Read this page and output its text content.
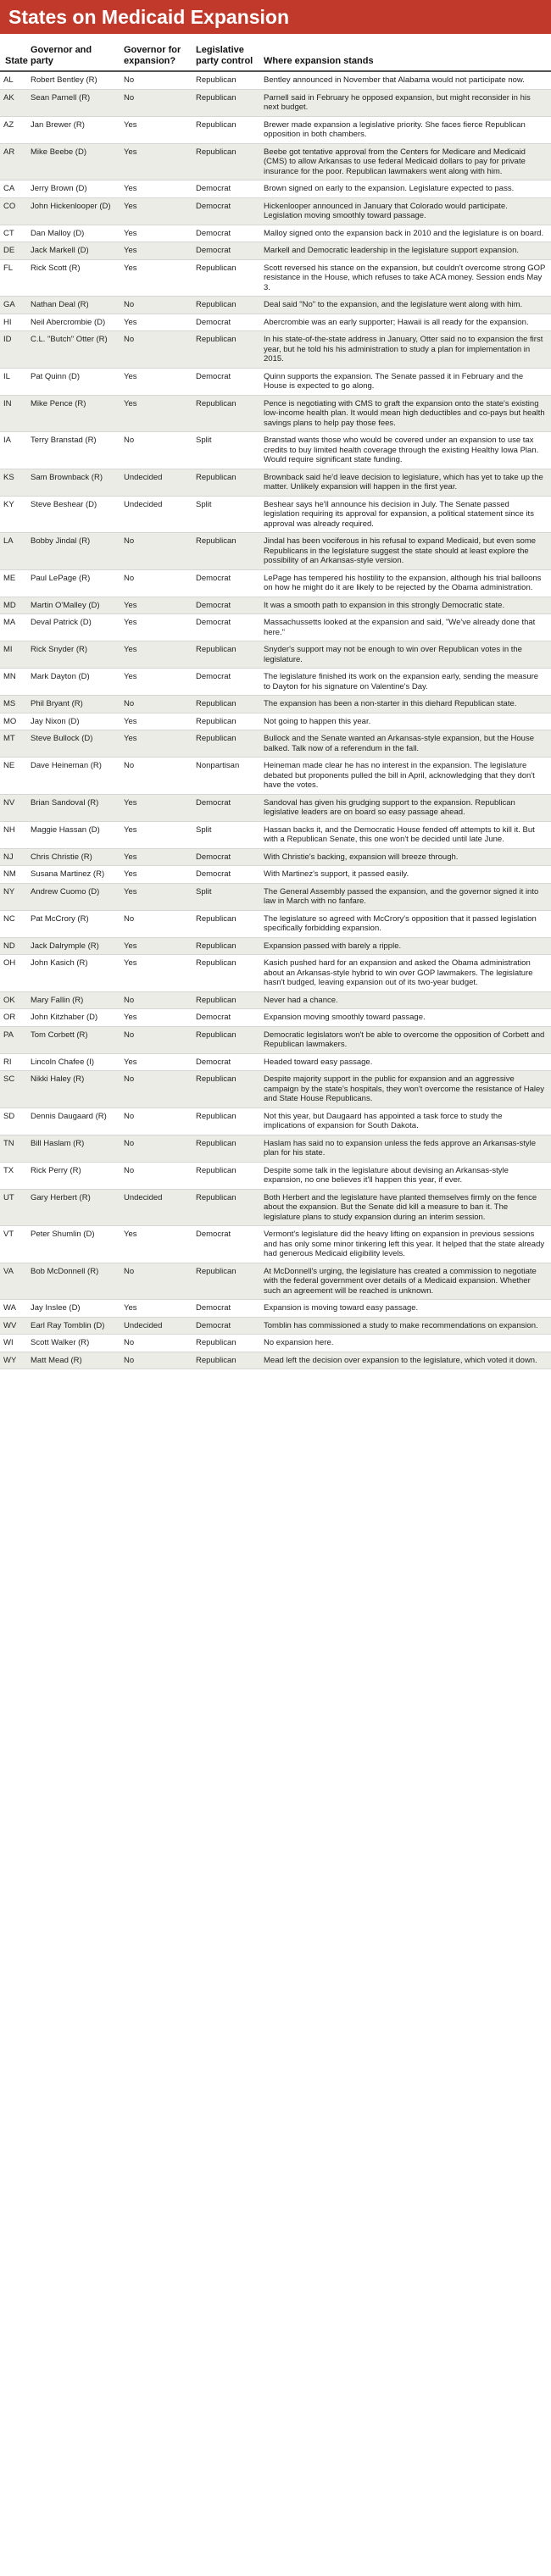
States on Medicaid Expansion
State	Governor and party	Governor for expansion?	Legislative party control	Where expansion stands
AL	Robert Bentley (R)	No	Republican	Bentley announced in November that Alabama would not participate now.
AK	Sean Parnell (R)	No	Republican	Parnell said in February he opposed expansion, but might reconsider in his next budget.
AZ	Jan Brewer (R)	Yes	Republican	Brewer made expansion a legislative priority. She faces fierce Republican opposition in both chambers.
AR	Mike Beebe (D)	Yes	Republican	Beebe got tentative approval from the Centers for Medicare and Medicaid (CMS) to allow Arkansas to use federal Medicaid dollars to pay for private insurance for the poor. Republican lawmakers went along with him.
CA	Jerry Brown (D)	Yes	Democrat	Brown signed on early to the expansion. Legislature expected to pass.
CO	John Hickenlooper (D)	Yes	Democrat	Hickenlooper announced in January that Colorado would participate. Legislation moving smoothly toward passage.
CT	Dan Malloy (D)	Yes	Democrat	Malloy signed onto the expansion back in 2010 and the legislature is on board.
DE	Jack Markell (D)	Yes	Democrat	Markell and Democratic leadership in the legislature support expansion.
FL	Rick Scott (R)	Yes	Republican	Scott reversed his stance on the expansion, but couldn't overcome strong GOP resistance in the House, which refuses to take ACA money. Session ends May 3.
GA	Nathan Deal (R)	No	Republican	Deal said "No" to the expansion, and the legislature went along with him.
HI	Neil Abercrombie (D)	Yes	Democrat	Abercrombie was an early supporter; Hawaii is all ready for the expansion.
ID	C.L. "Butch" Otter (R)	No	Republican	In his state-of-the-state address in January, Otter said no to expansion the first year, but he told his his administration to study a plan for implementation in 2015.
IL	Pat Quinn (D)	Yes	Democrat	Quinn supports the expansion. The Senate passed it in February and the House is expected to go along.
IN	Mike Pence (R)	Yes	Republican	Pence is negotiating with CMS to graft the expansion onto the state's existing low-income health plan. It would mean high deductibles and co-pays but health savings plans to help pay those fees.
IA	Terry Branstad (R)	No	Split	Branstad wants those who would be covered under an expansion to use tax credits to buy limited health coverage through the existing Healthy Iowa Plan. Would require significant state funding.
KS	Sam Brownback (R)	Undecided	Republican	Brownback said he'd leave decision to legislature, which has yet to take up the matter. Unlikely expansion will happen in the first year.
KY	Steve Beshear (D)	Undecided	Split	Beshear says he'll announce his decision in July. The Senate passed legislation requiring its approval for expansion, a political statement since its approval was already required.
LA	Bobby Jindal (R)	No	Republican	Jindal has been vociferous in his refusal to expand Medicaid, but even some Republicans in the legislature suggest the state should at least explore the possibility of an Arkansas-style version.
ME	Paul LePage (R)	No	Democrat	LePage has tempered his hostility to the expansion, although his trial balloons on how he might do it are likely to be rejected by the Obama administration.
MD	Martin O'Malley (D)	Yes	Democrat	It was a smooth path to expansion in this strongly Democratic state.
MA	Deval Patrick (D)	Yes	Democrat	Massachussetts looked at the expansion and said, "We've already done that here."
MI	Rick Snyder (R)	Yes	Republican	Snyder's support may not be enough to win over Republican votes in the legislature.
MN	Mark Dayton (D)	Yes	Democrat	The legislature finished its work on the expansion early, sending the measure to Dayton for his signature on Valentine's Day.
MS	Phil Bryant (R)	No	Republican	The expansion has been a non-starter in this diehard Republican state.
MO	Jay Nixon (D)	Yes	Republican	Not going to happen this year.
MT	Steve Bullock (D)	Yes	Republican	Bullock and the Senate wanted an Arkansas-style expansion, but the House balked. Talk now of a referendum in the fall.
NE	Dave Heineman (R)	No	Nonpartisan	Heineman made clear he has no interest in the expansion. The legislature debated but proponents pulled the bill in April, acknowledging that they don't have the votes.
NV	Brian Sandoval (R)	Yes	Democrat	Sandoval has given his grudging support to the expansion. Republican legislative leaders are on board so easy passage ahead.
NH	Maggie Hassan (D)	Yes	Split	Hassan backs it, and the Democratic House fended off attempts to kill it. But with a Republican Senate, this one won't be decided until late June.
NJ	Chris Christie (R)	Yes	Democrat	With Christie's backing, expansion will breeze through.
NM	Susana Martinez (R)	Yes	Democrat	With Martinez's support, it passed easily.
NY	Andrew Cuomo (D)	Yes	Split	The General Assembly passed the expansion, and the governor signed it into law in March with no fanfare.
NC	Pat McCrory (R)	No	Republican	The legislature so agreed with McCrory's opposition that it passed legislation specifically forbidding expansion.
ND	Jack Dalrymple (R)	Yes	Republican	Expansion passed with barely a ripple.
OH	John Kasich (R)	Yes	Republican	Kasich pushed hard for an expansion and asked the Obama administration about an Arkansas-style hybrid to win over GOP lawmakers. The legislature hasn't budged, leaving expansion out of its two-year budget.
OK	Mary Fallin (R)	No	Republican	Never had a chance.
OR	John Kitzhaber (D)	Yes	Democrat	Expansion moving smoothly toward passage.
PA	Tom Corbett (R)	No	Republican	Democratic legislators won't be able to overcome the opposition of Corbett and Republican lawmakers.
RI	Lincoln Chafee (I)	Yes	Democrat	Headed toward easy passage.
SC	Nikki Haley (R)	No	Republican	Despite majority support in the public for expansion and an aggressive campaign by the state's hospitals, they won't overcome the resistance of Haley and State House Republicans.
SD	Dennis Daugaard (R)	No	Republican	Not this year, but Daugaard has appointed a task force to study the implications of expansion for South Dakota.
TN	Bill Haslam (R)	No	Republican	Haslam has said no to expansion unless the feds approve an Arkansas-style plan for his state.
TX	Rick Perry (R)	No	Republican	Despite some talk in the legislature about devising an Arkansas-style expansion, no one believes it'll happen this year, if ever.
UT	Gary Herbert (R)	Undecided	Republican	Both Herbert and the legislature have planted themselves firmly on the fence about the expansion. But the Senate did kill a measure to ban it. The legislature plans to study expansion during an interim session.
VT	Peter Shumlin (D)	Yes	Democrat	Vermont's legislature did the heavy lifting on expansion in previous sessions and has only some minor tinkering left this year. It helped that the state already had generous Medicaid eligibility levels.
VA	Bob McDonnell (R)	No	Republican	At McDonnell's urging, the legislature has created a commission to negotiate with the federal government over details of a Medicaid expansion. Whether such an agreement will be reached is unknown.
WA	Jay Inslee (D)	Yes	Democrat	Expansion is moving toward easy passage.
WV	Earl Ray Tomblin (D)	Undecided	Democrat	Tomblin has commissioned a study to make recommendations on expansion.
WI	Scott Walker (R)	No	Republican	No expansion here.
WY	Matt Mead (R)	No	Republican	Mead left the decision over expansion to the legislature, which voted it down.
